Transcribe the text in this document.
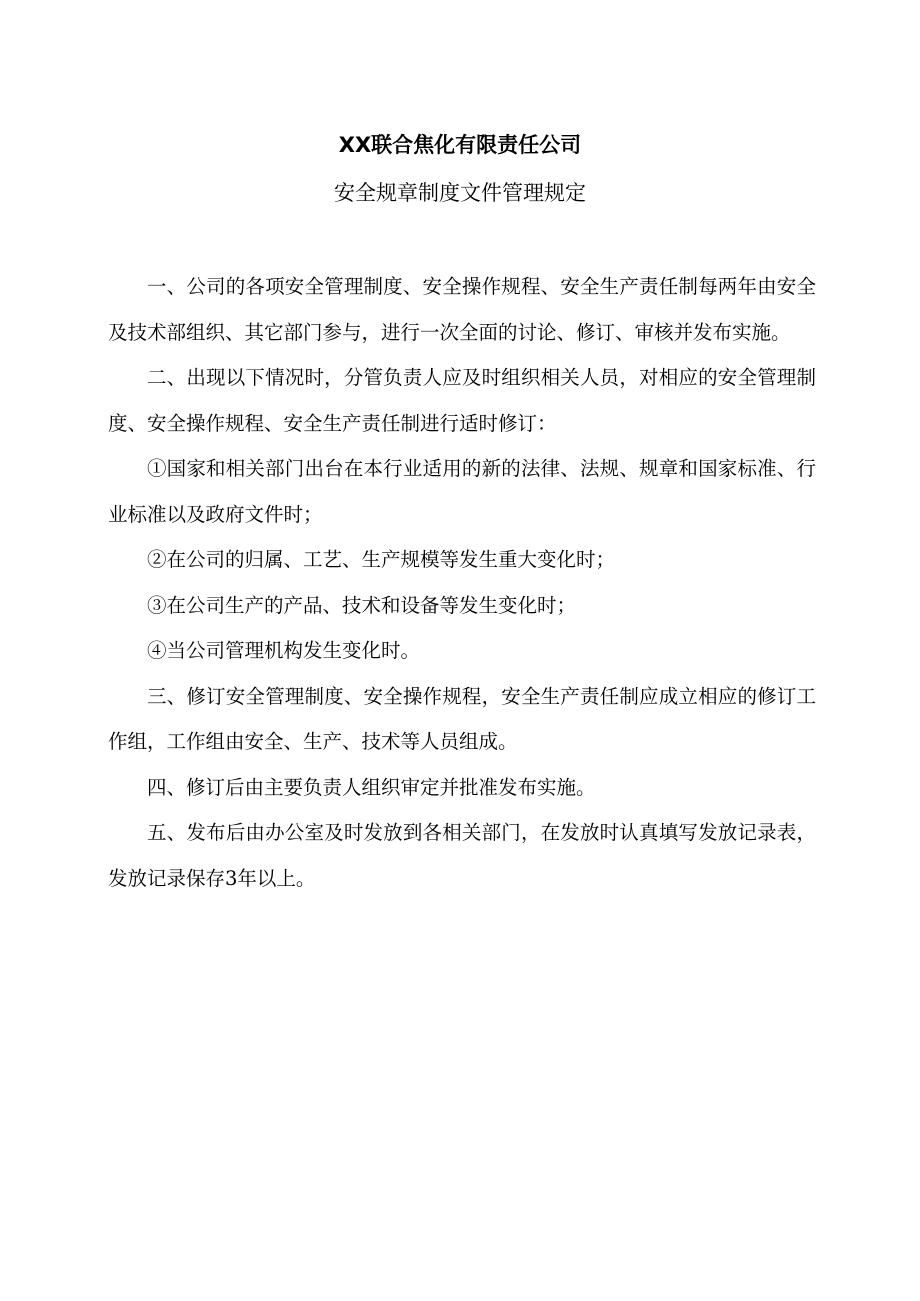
XX联合焦化有限责任公司
安全规章制度文件管理规定

一、公司的各项安全管理制度、安全操作规程、安全生产责任制每两年由安全及技术部组织、其它部门参与，进行一次全面的讨论、修订、审核并发布实施。

二、出现以下情况时，分管负责人应及时组织相关人员，对相应的安全管理制度、安全操作规程、安全生产责任制进行适时修订：

①国家和相关部门出台在本行业适用的新的法律、法规、规章和国家标准、行业标准以及政府文件时；

②在公司的归属、工艺、生产规模等发生重大变化时；

③在公司生产的产品、技术和设备等发生变化时；

④当公司管理机构发生变化时。

三、修订安全管理制度、安全操作规程，安全生产责任制应成立相应的修订工作组，工作组由安全、生产、技术等人员组成。

四、修订后由主要负责人组织审定并批准发布实施。

五、发布后由办公室及时发放到各相关部门，在发放时认真填写发放记录表，发放记录保存3年以上。
